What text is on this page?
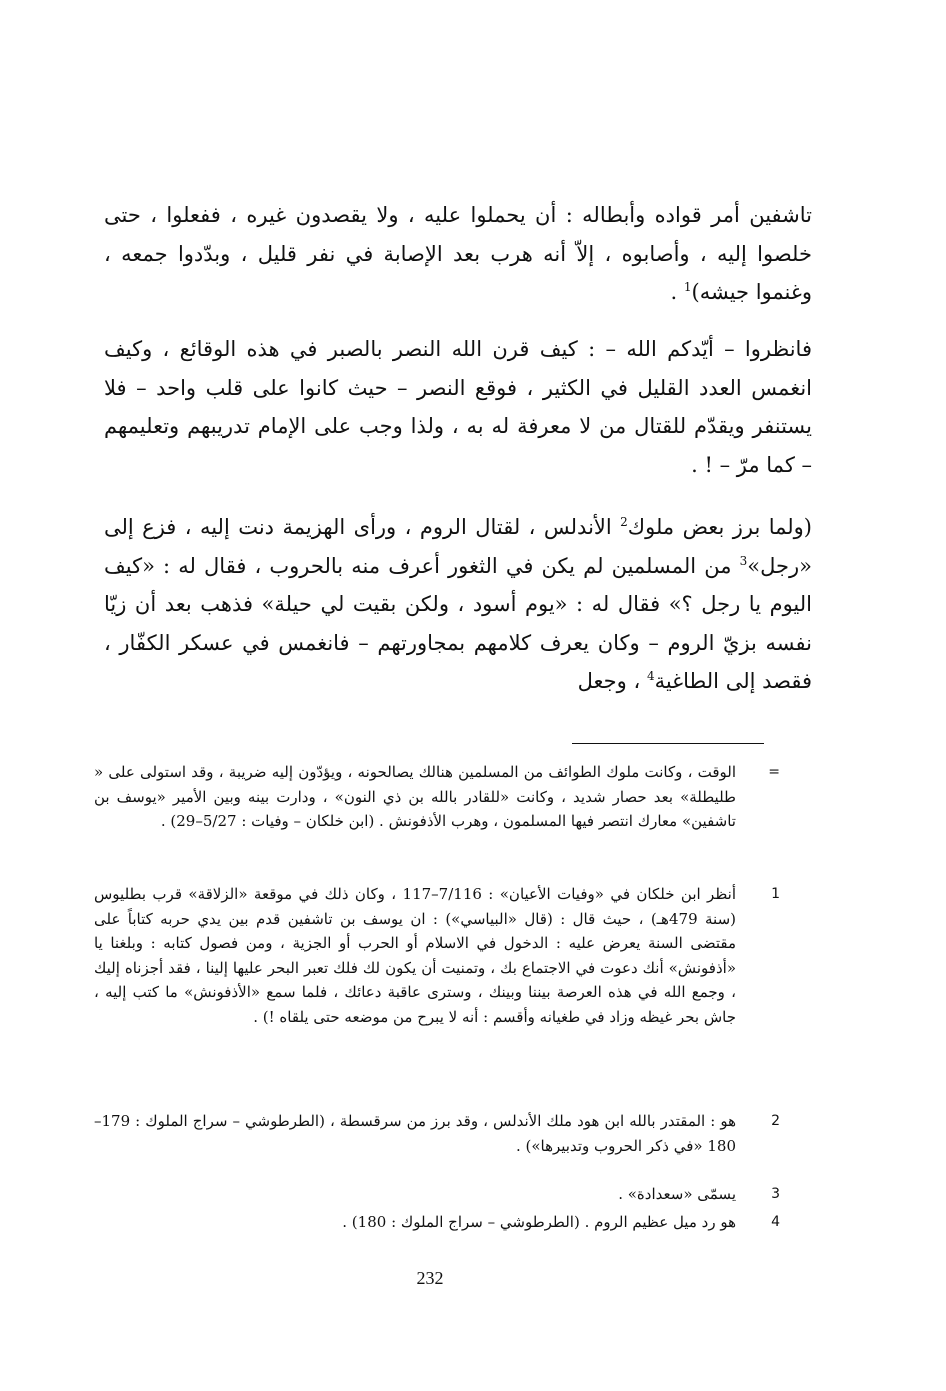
تاشفين أمر قواده وأبطاله : أن يحملوا عليه ، ولا يقصدون غيره ، ففعلوا ، حتى خلصوا إليه ، وأصابوه ، إلاّ أنه هرب بعد الإصابة في نفر قليل ، وبدّدوا جمعه ، وغنموا جيشه)$^1$ .

فانظروا – أيّدكم الله – : كيف قرن الله النصر بالصبر في هذه الوقائع ، وكيف انغمس العدد القليل في الكثير ، فوقع النصر – حيث كانوا على قلب واحد – فلا يستنفر ويقدّم للقتال من لا معرفة له به ، ولذا وجب على الإمام تدريبهم وتعليمهم – كما مرّ – ! .

(ولما برز بعض ملوك$^2$ الأندلس ، لقتال الروم ، ورأى الهزيمة دنت إليه ، فزع إلى «رجل»$^3$ من المسلمين لم يكن في الثغور أعرف منه بالحروب ، فقال له : «كيف اليوم يا رجل ؟» فقال له : «يوم أسود ، ولكن بقيت لي حيلة» فذهب بعد أن زيّا نفسه بزيّ الروم – وكان يعرف كلامهم بمجاورتهم – فانغمس في عسكر الكفّار ، فقصد إلى الطاغية$^4$ ، وجعل

=
الوقت ، وكانت ملوك الطوائف من المسلمين هنالك يصالحونه ، ويؤدّون إليه ضريبة ، وقد استولى على « طليطلة» بعد حصار شديد ، وكانت «للقادر بالله بن ذي النون» ، ودارت بينه وبين الأمير «يوسف بن تاشفين» معارك انتصر فيها المسلمون ، وهرب الأذفونش . (ابن خلكان – وفيات : 5/27–29) .
1
أنظر ابن خلكان في «وفيات الأعيان» : 7/116–117 ، وكان ذلك في موقعة «الزلاقة» قرب بطليوس (سنة 479هـ) ، حيث قال : (قال «البياسي») : ان يوسف بن تاشفين قدم بين يدي حربه كتاباً على مقتضى السنة يعرض عليه : الدخول في الاسلام أو الحرب أو الجزية ، ومن فصول كتابه : وبلغنا يا «أذفونش» أنك دعوت في الاجتماع بك ، وتمنيت أن يكون لك فلك تعبر البحر عليها إلينا ، فقد أجزناه إليك ، وجمع الله في هذه العرصة بيننا وبينك ، وسترى عاقبة دعائك ، فلما سمع «الأذفونش» ما كتب إليه ، جاش بحر غيظه وزاد في طغيانه وأقسم : أنه لا يبرح من موضعه حتى يلقاه !) .
2
هو : المقتدر بالله ابن هود ملك الأندلس ، وقد برز من سرقسطة ، (الطرطوشي – سراج الملوك : 179–180 «في ذكر الحروب وتدبيرها») .
3
يسمّى «سعدادة» .
4
هو رد ميل عظيم الروم . (الطرطوشي – سراج الملوك : 180) .
232
